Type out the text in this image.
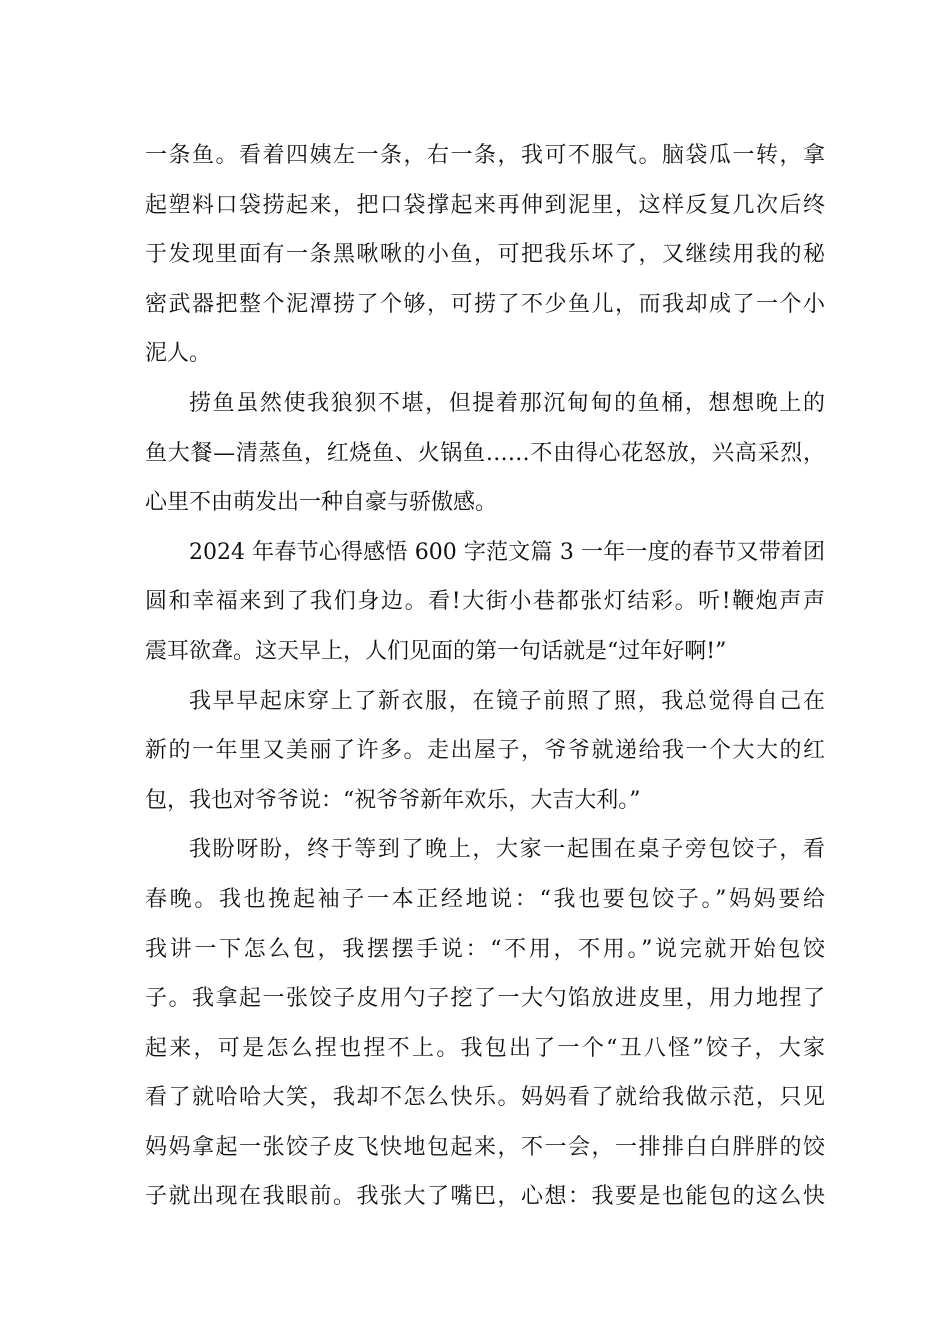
一条鱼。看着四姨左一条，右一条，我可不服气。脑袋瓜一转，拿
起塑料口袋捞起来，把口袋撑起来再伸到泥里，这样反复几次后终
于发现里面有一条黑啾啾的小鱼，可把我乐坏了，又继续用我的秘
密武器把整个泥潭捞了个够，可捞了不少鱼儿，而我却成了一个小
泥人。
捞鱼虽然使我狼狈不堪，但提着那沉甸甸的鱼桶，想想晚上的
鱼大餐—清蒸鱼，红烧鱼、火锅鱼……不由得心花怒放，兴高采烈，
心里不由萌发出一种自豪与骄傲感。
2024 年春节心得感悟 600 字范文篇 3 一年一度的春节又带着团
圆和幸福来到了我们身边。看!大街小巷都张灯结彩。听!鞭炮声声
震耳欲聋。这天早上，人们见面的第一句话就是“过年好啊!”
我早早起床穿上了新衣服，在镜子前照了照，我总觉得自己在
新的一年里又美丽了许多。走出屋子，爷爷就递给我一个大大的红
包，我也对爷爷说：“祝爷爷新年欢乐，大吉大利。”
我盼呀盼，终于等到了晚上，大家一起围在桌子旁包饺子，看
春晚。我也挽起袖子一本正经地说：“我也要包饺子。”妈妈要给
我讲一下怎么包，我摆摆手说：“不用，不用。”说完就开始包饺
子。我拿起一张饺子皮用勺子挖了一大勺馅放进皮里，用力地捏了
起来，可是怎么捏也捏不上。我包出了一个“丑八怪”饺子，大家
看了就哈哈大笑，我却不怎么快乐。妈妈看了就给我做示范，只见
妈妈拿起一张饺子皮飞快地包起来，不一会，一排排白白胖胖的饺
子就出现在我眼前。我张大了嘴巴，心想：我要是也能包的这么快
